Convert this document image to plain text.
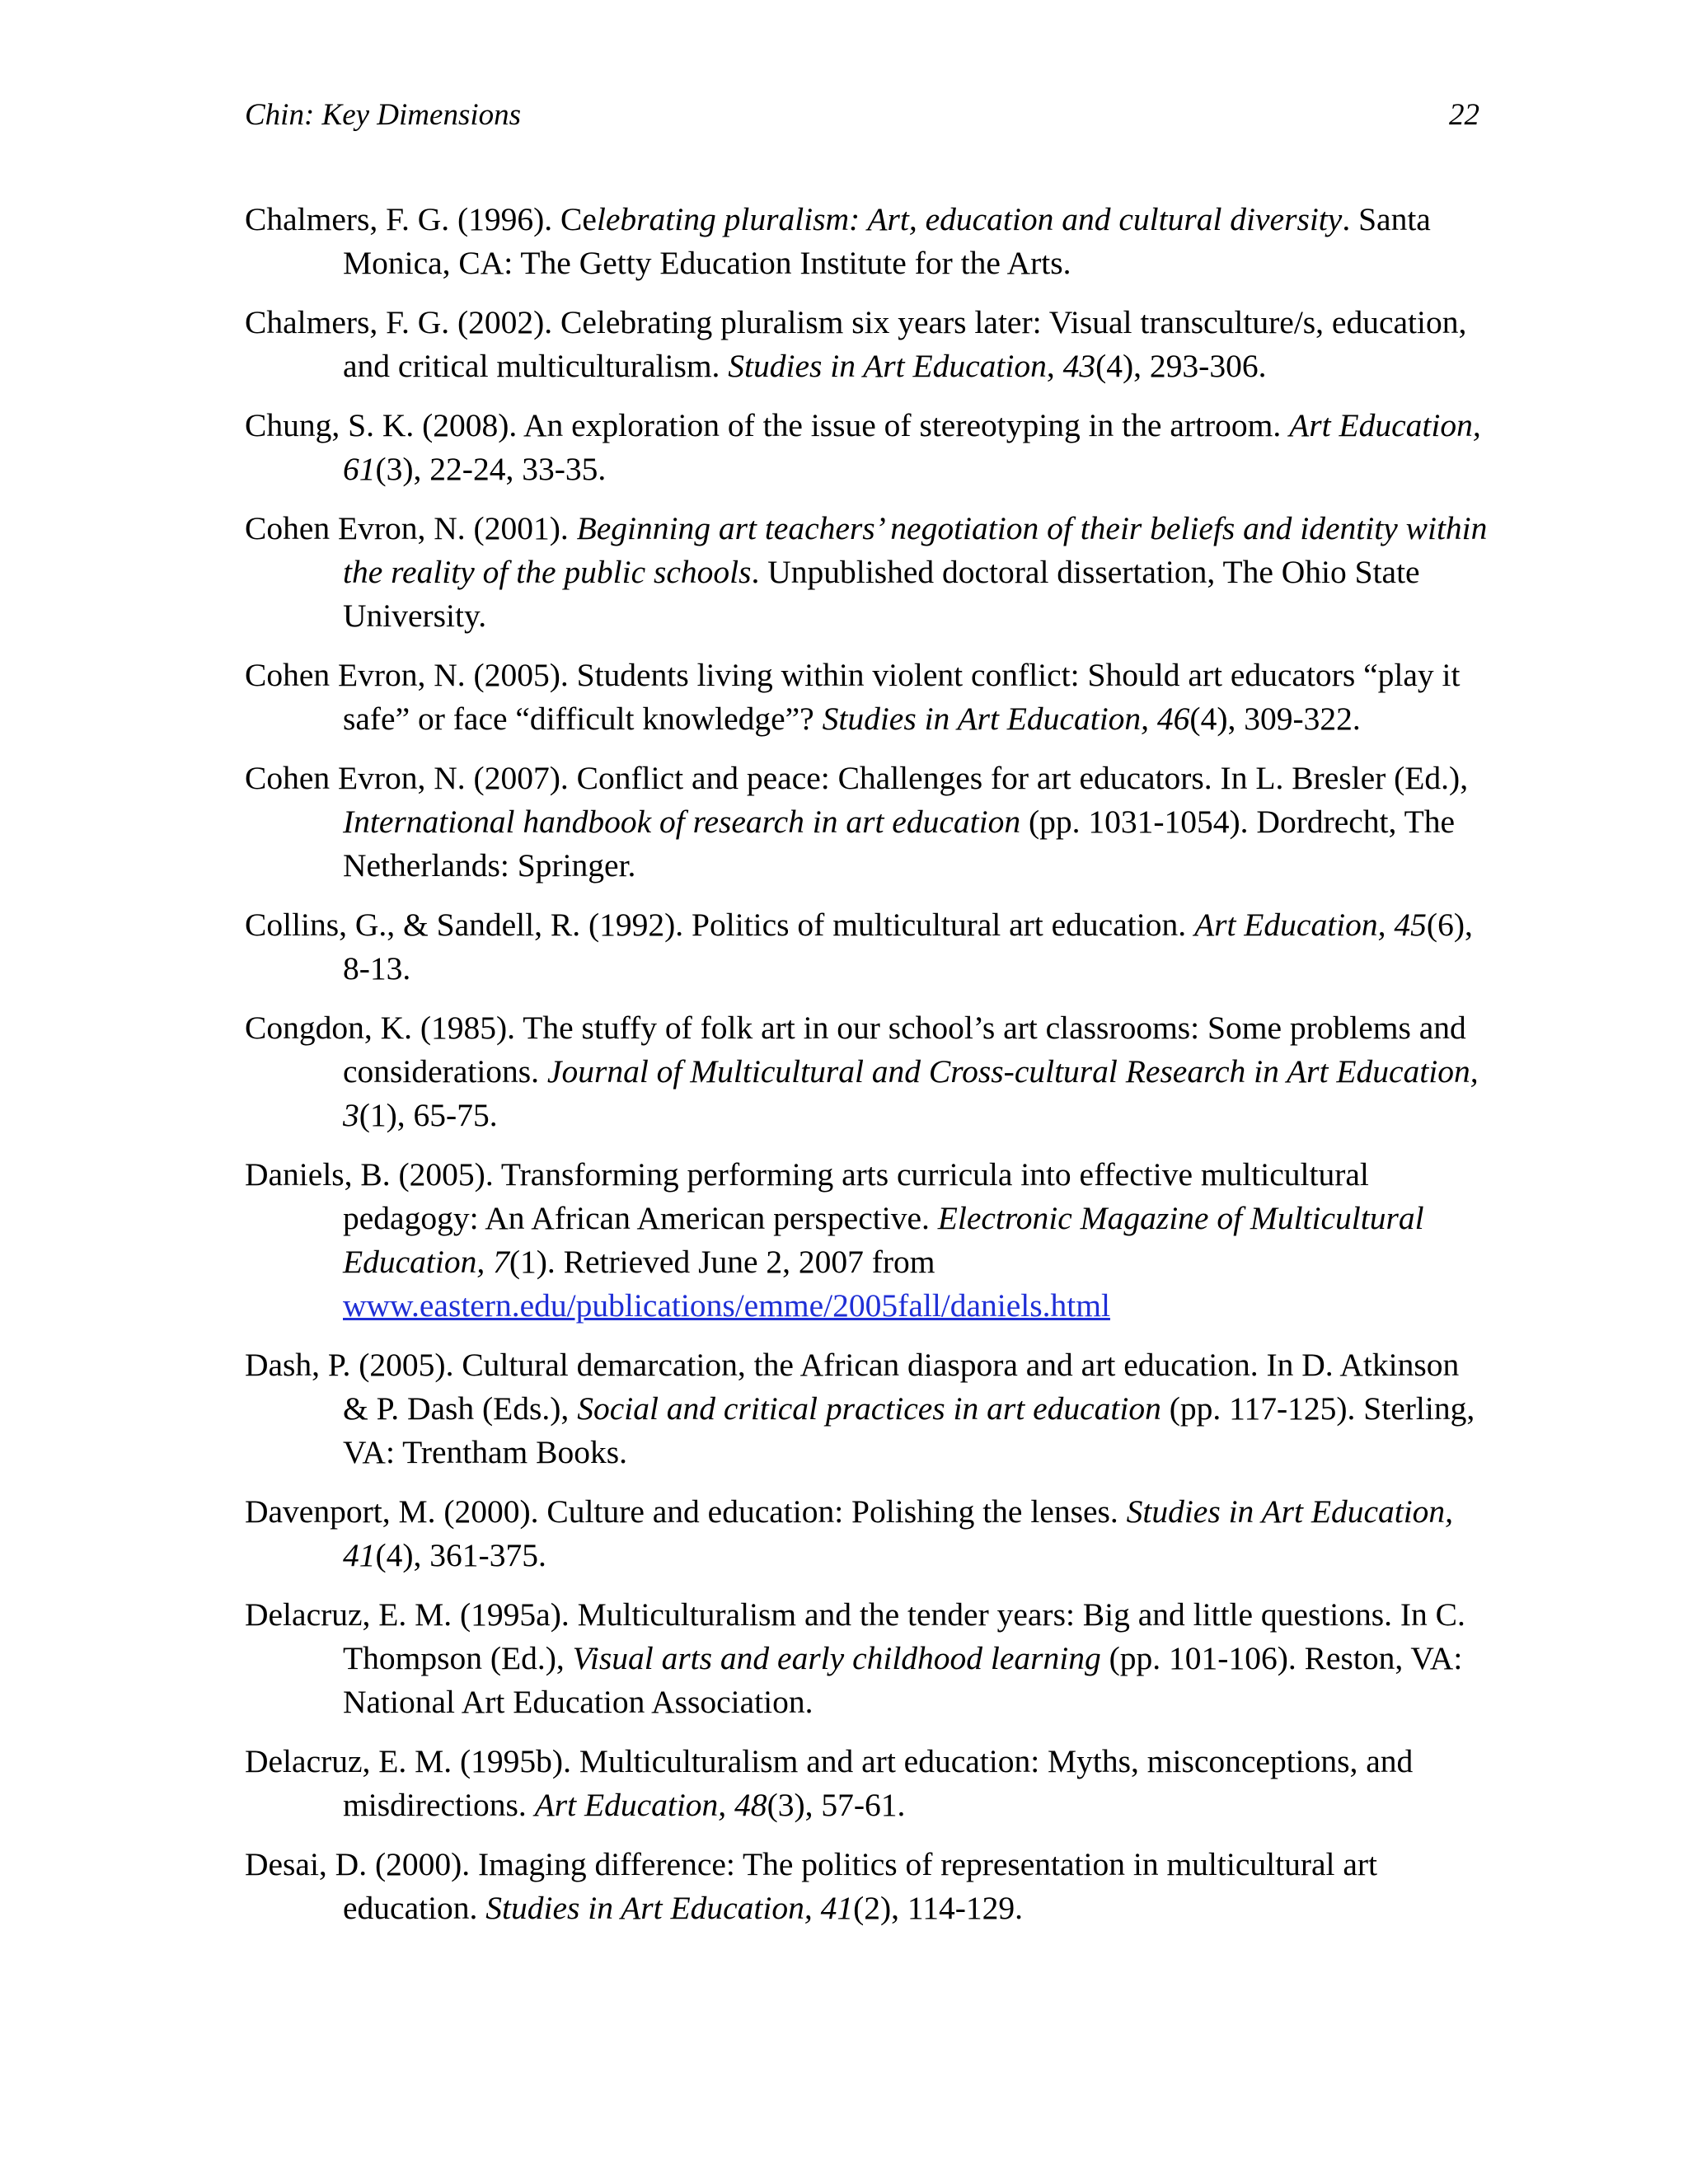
Chin: Key Dimensions	22
Chalmers, F. G. (1996). Celebrating pluralism: Art, education and cultural diversity. Santa Monica, CA: The Getty Education Institute for the Arts.
Chalmers, F. G. (2002). Celebrating pluralism six years later: Visual transculture/s, education, and critical multiculturalism. Studies in Art Education, 43(4), 293-306.
Chung, S. K. (2008). An exploration of the issue of stereotyping in the artroom. Art Education, 61(3), 22-24, 33-35.
Cohen Evron, N. (2001). Beginning art teachers’ negotiation of their beliefs and identity within the reality of the public schools. Unpublished doctoral dissertation, The Ohio State University.
Cohen Evron, N. (2005). Students living within violent conflict: Should art educators “play it safe” or face “difficult knowledge”? Studies in Art Education, 46(4), 309-322.
Cohen Evron, N. (2007). Conflict and peace: Challenges for art educators. In L. Bresler (Ed.), International handbook of research in art education (pp. 1031-1054). Dordrecht, The Netherlands: Springer.
Collins, G., & Sandell, R. (1992). Politics of multicultural art education. Art Education, 45(6), 8-13.
Congdon, K. (1985). The stuffy of folk art in our school’s art classrooms: Some problems and considerations. Journal of Multicultural and Cross-cultural Research in Art Education, 3(1), 65-75.
Daniels, B. (2005). Transforming performing arts curricula into effective multicultural pedagogy: An African American perspective. Electronic Magazine of Multicultural Education, 7(1). Retrieved June 2, 2007 from www.eastern.edu/publications/emme/2005fall/daniels.html
Dash, P. (2005). Cultural demarcation, the African diaspora and art education. In D. Atkinson & P. Dash (Eds.), Social and critical practices in art education (pp. 117-125). Sterling, VA: Trentham Books.
Davenport, M. (2000). Culture and education: Polishing the lenses. Studies in Art Education, 41(4), 361-375.
Delacruz, E. M. (1995a). Multiculturalism and the tender years: Big and little questions. In C. Thompson (Ed.), Visual arts and early childhood learning (pp. 101-106). Reston, VA: National Art Education Association.
Delacruz, E. M. (1995b). Multiculturalism and art education: Myths, misconceptions, and misdirections. Art Education, 48(3), 57-61.
Desai, D. (2000). Imaging difference: The politics of representation in multicultural art education. Studies in Art Education, 41(2), 114-129.
